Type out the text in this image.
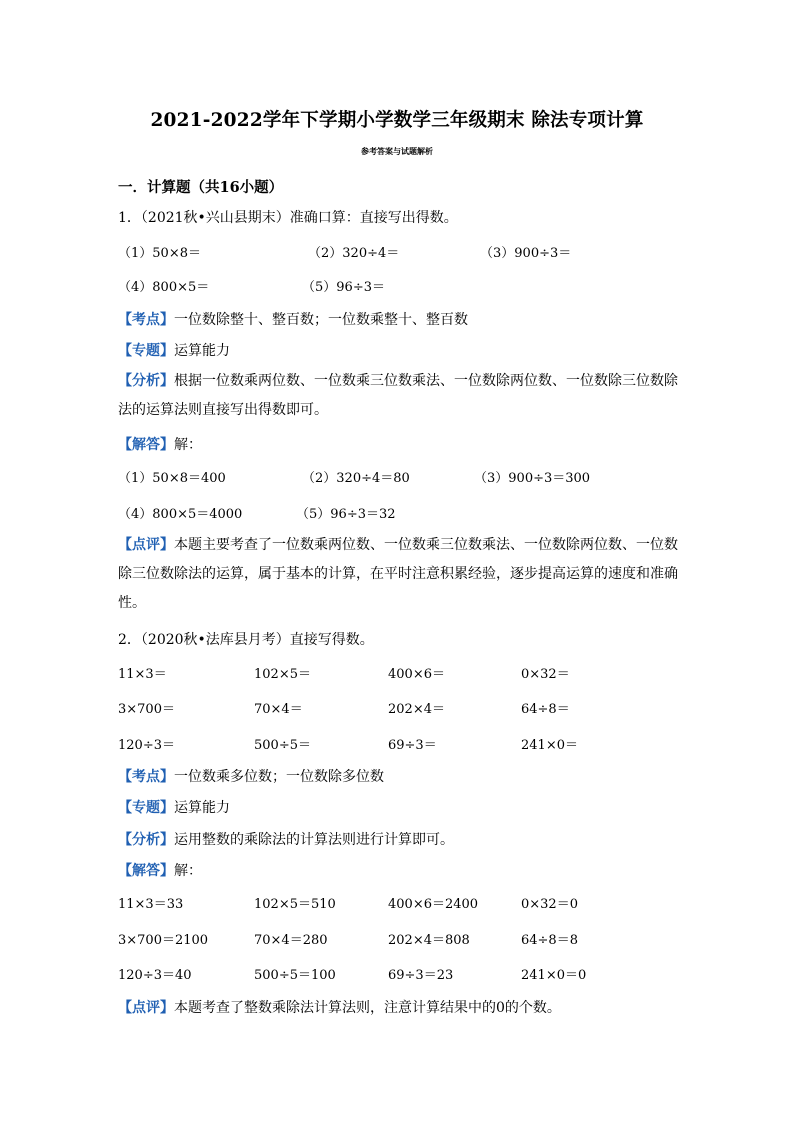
2021-2022学年下学期小学数学三年级期末 除法专项计算
参考答案与试题解析
一．计算题（共16小题）
1．（2021秋•兴山县期末）准确口算：直接写出得数。
（1）50×8＝	（2）320÷4＝	（3）900÷3＝
（4）800×5＝	（5）96÷3＝
【考点】一位数除整十、整百数；一位数乘整十、整百数
【专题】运算能力
【分析】根据一位数乘两位数、一位数乘三位数乘法、一位数除两位数、一位数除三位数除法的运算法则直接写出得数即可。
【解答】解：
（1）50×8＝400	（2）320÷4＝80	（3）900÷3＝300
（4）800×5＝4000	（5）96÷3＝32
【点评】本题主要考查了一位数乘两位数、一位数乘三位数乘法、一位数除两位数、一位数除三位数除法的运算，属于基本的计算，在平时注意积累经验，逐步提高运算的速度和准确性。
2．（2020秋•法库县月考）直接写得数。
11×3＝	102×5＝	400×6＝	0×32＝
3×700＝	70×4＝	202×4＝	64÷8＝
120÷3＝	500÷5＝	69÷3＝	241×0＝
【考点】一位数乘多位数；一位数除多位数
【专题】运算能力
【分析】运用整数的乘除法的计算法则进行计算即可。
【解答】解：
11×3＝33	102×5＝510	400×6＝2400	0×32＝0
3×700＝2100	70×4＝280	202×4＝808	64÷8＝8
120÷3＝40	500÷5＝100	69÷3＝23	241×0＝0
【点评】本题考查了整数乘除法计算法则，注意计算结果中的0的个数。
